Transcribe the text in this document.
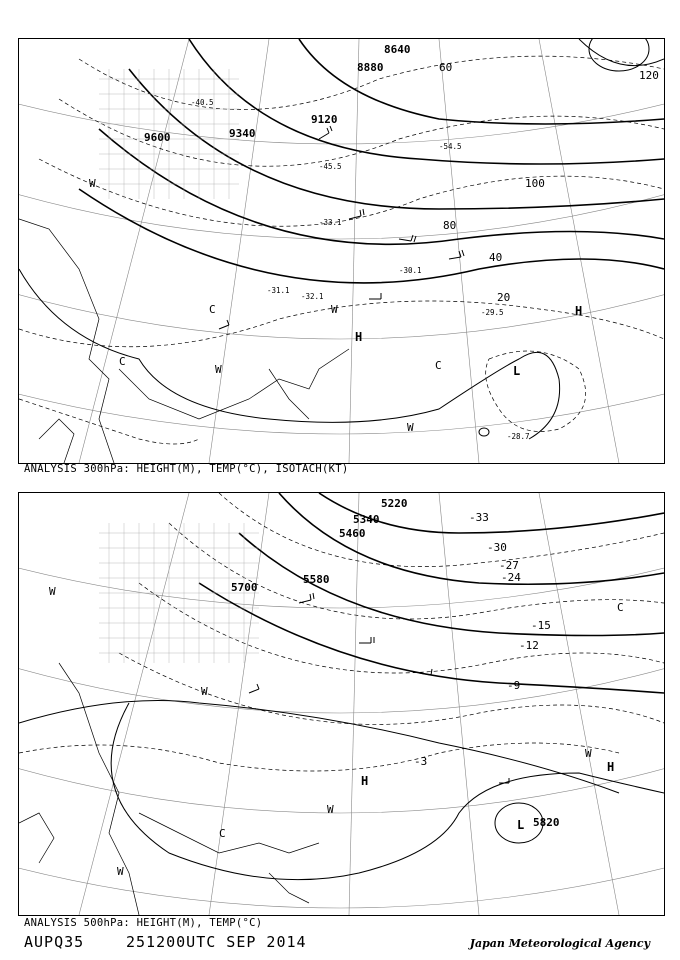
8640
8880
9120
9340
9600
20
40
60
80
100
120
-28.7
-29.5
-30.1
-31.1
-32.1
-33.1
-40.5
-45.5
-54.5
H
H
L
C
C
C
W
W
W
W
ANALYSIS 300hPa: HEIGHT(M), TEMP(°C), ISOTACH(KT)
5220
5340
5460
5580
5700
5820
-3
-9
-12
-15
-24
-27
-30
-33
H
H
L
C
C
W
W
W
W
W
ANALYSIS 500hPa: HEIGHT(M), TEMP(°C)
AUPQ35	251200UTC SEP 2014	Japan Meteorological Agency
